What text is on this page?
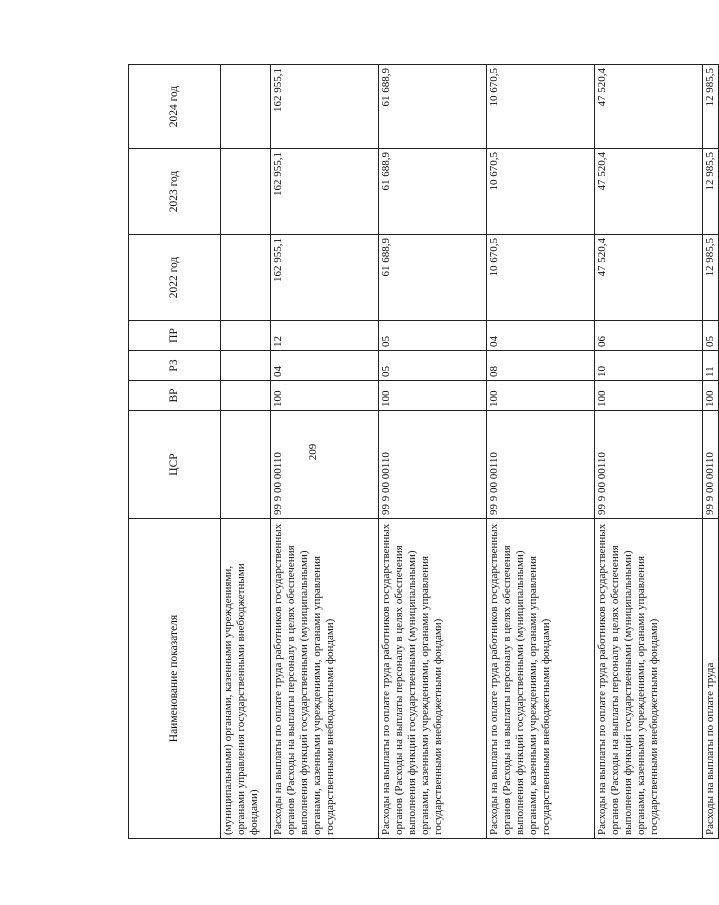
209
Наименование показателя	ЦСР	ВР	РЗ	ПР	2022 год	2023 год	2024 год
(муниципальными) органами, казенными учреждениями, органами управления государственными внебюджетными фондами)							
Расходы на выплаты по оплате труда работников государственных органов (Расходы на выплаты персоналу в целях обеспечения выполнения функций государственными (муниципальными) органами, казенными учреждениями, органами управления государственными внебюджетными фондами)	99 9 00 00110	100	04	12	162 955,1	162 955,1	162 955,1
Расходы на выплаты по оплате труда работников государственных органов (Расходы на выплаты персоналу в целях обеспечения выполнения функций государственными (муниципальными) органами, казенными учреждениями, органами управления государственными внебюджетными фондами)	99 9 00 00110	100	05	05	61 688,9	61 688,9	61 688,9
Расходы на выплаты по оплате труда работников государственных органов (Расходы на выплаты персоналу в целях обеспечения выполнения функций государственными (муниципальными) органами, казенными учреждениями, органами управления государственными внебюджетными фондами)	99 9 00 00110	100	08	04	10 670,5	10 670,5	10 670,5
Расходы на выплаты по оплате труда работников государственных органов (Расходы на выплаты персоналу в целях обеспечения выполнения функций государственными (муниципальными) органами, казенными учреждениями, органами управления государственными внебюджетными фондами)	99 9 00 00110	100	10	06	47 520,4	47 520,4	47 520,4
Расходы на выплаты по оплате труда	99 9 00 00110	100	11	05	12 985,5	12 985,5	12 985,5
